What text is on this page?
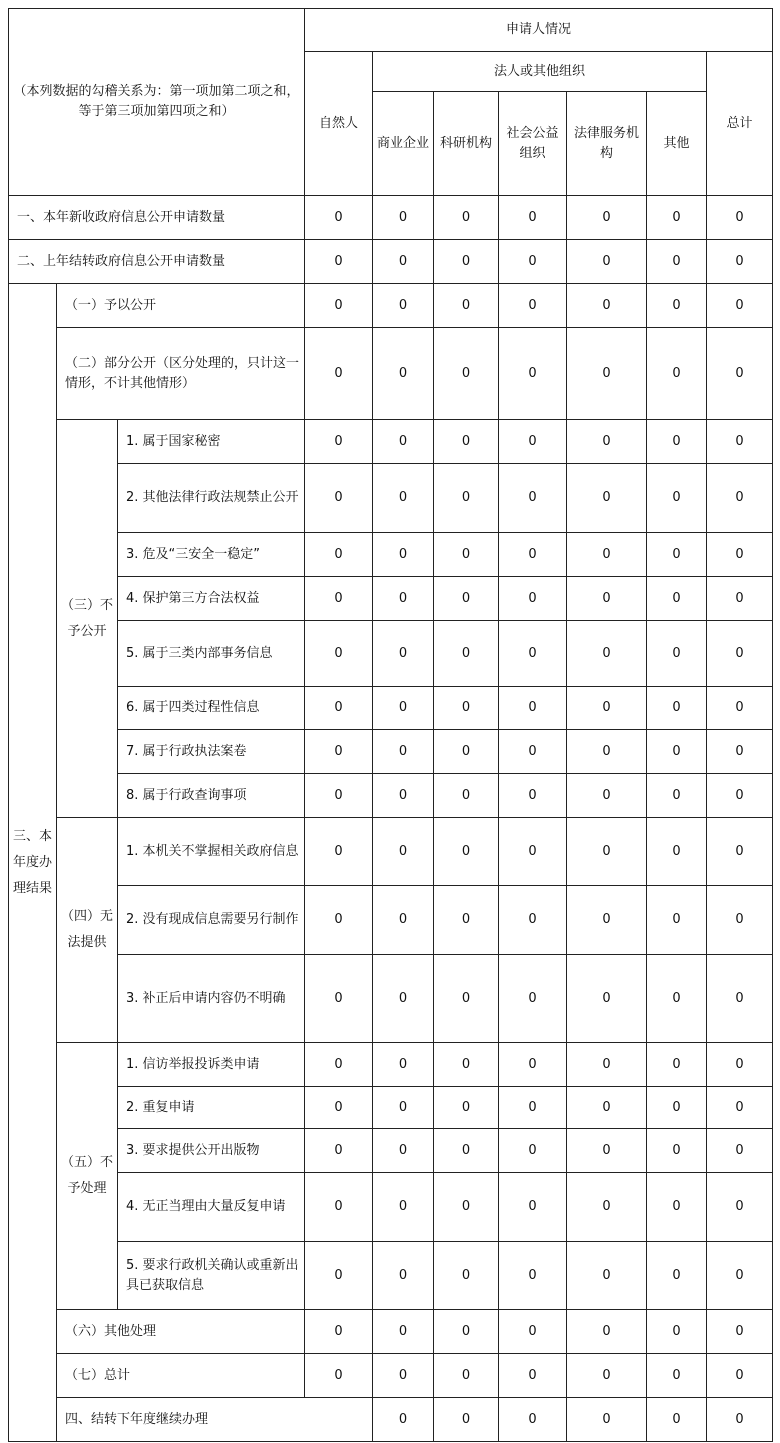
（本列数据的勾稽关系为：第一项加第二项之和，等于第三项加第四项之和）			申请人情况							
			自然人	法人或其他组织					总计	
				商业企业	科研机构	社会公益组织	法律服务机构	其他		
一、本年新收政府信息公开申请数量			0	0	0	0	0	0	0	
二、上年结转政府信息公开申请数量			0	0	0	0	0	0	0	
三、本年度办理结果	（一）予以公开		0	0	0	0	0	0	0	
	（二）部分公开（区分处理的，只计这一情形，不计其他情形）		0	0	0	0	0	0	0	
	（三）不予公开	1. 属于国家秘密	0	0	0	0	0	0	0	
		2. 其他法律行政法规禁止公开	0	0	0	0	0	0	0	
		3. 危及“三安全一稳定”	0	0	0	0	0	0	0	
		4. 保护第三方合法权益	0	0	0	0	0	0	0	
		5. 属于三类内部事务信息	0	0	0	0	0	0	0	
		6. 属于四类过程性信息	0	0	0	0	0	0	0	
		7. 属于行政执法案卷	0	0	0	0	0	0	0	
		8. 属于行政查询事项	0	0	0	0	0	0	0	
	（四）无法提供	1. 本机关不掌握相关政府信息	0	0	0	0	0	0	0	
		2. 没有现成信息需要另行制作	0	0	0	0	0	0	0	
		3. 补正后申请内容仍不明确	0	0	0	0	0	0	0	
	（五）不予处理	1. 信访举报投诉类申请	0	0	0	0	0	0	0	
		2. 重复申请	0	0	0	0	0	0	0	
		3. 要求提供公开出版物	0	0	0	0	0	0	0	
		4. 无正当理由大量反复申请	0	0	0	0	0	0	0	
		5. 要求行政机关确认或重新出具已获取信息	0	0	0	0	0	0	0	
	（六）其他处理		0	0	0	0	0	0	0	
	（七）总计		0	0	0	0	0	0	0	
	四、结转下年度继续办理			0	0	0	0	0	0	
